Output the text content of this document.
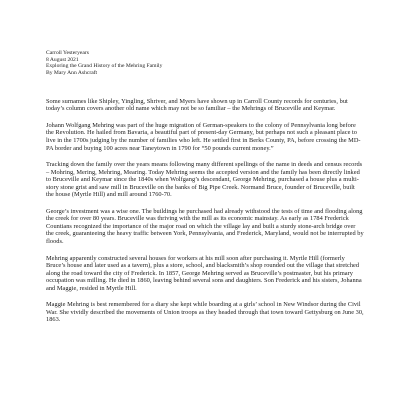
Carroll Yesteryears
8 August 2021
Exploring the Grand History of the Mehring Family
By Mary Ann Ashcraft

Some surnames like Shipley, Yingling, Shriver, and Myers have shown up in Carroll County records for centuries, but today’s column covers another old name which may not be so familiar – the Mehrings of Bruceville and Keymar.

Johann Wolfgang Mehring was part of the huge migration of German-speakers to the colony of Pennsylvania long before the Revolution. He hailed from Bavaria, a beautiful part of present-day Germany, but perhaps not such a pleasant place to live in the 1700s judging by the number of families who left. He settled first in Berks County, PA, before crossing the MD-PA border and buying 100 acres near Taneytown in 1790 for “50 pounds current money.”

Tracking down the family over the years means following many different spellings of the name in deeds and census records – Mohring, Mering, Mehring, Mearing. Today Mehring seems the accepted version and the family has been directly linked to Bruceville and Keymar since the 1840s when Wolfgang’s descendant, George Mehring, purchased a house plus a multi-story stone grist and saw mill in Bruceville on the banks of Big Pipe Creek. Normand Bruce, founder of Bruceville, built the house (Myrtle Hill) and mill around 1760-70.

George’s investment was a wise one. The buildings he purchased had already withstood the tests of time and flooding along the creek for over 80 years. Bruceville was thriving with the mill as its economic mainstay. As early as 1784 Frederick Countians recognized the importance of the major road on which the village lay and built a sturdy stone-arch bridge over the creek, guaranteeing the heavy traffic between York, Pennsylvania, and Frederick, Maryland, would not be interrupted by floods.

Mehring apparently constructed several houses for workers at his mill soon after purchasing it. Myrtle Hill (formerly Bruce’s house and later used as a tavern), plus a store, school, and blacksmith’s shop rounded out the village that stretched along the road toward the city of Frederick. In 1857, George Mehring served as Bruceville’s postmaster, but his primary occupation was milling. He died in 1860, leaving behind several sons and daughters. Son Frederick and his sisters, Johanna and Maggie, resided in Myrtle Hill.

Maggie Mehring is best remembered for a diary she kept while boarding at a girls’ school in New Windsor during the Civil War. She vividly described the movements of Union troops as they headed through that town toward Gettysburg on June 30, 1863.
